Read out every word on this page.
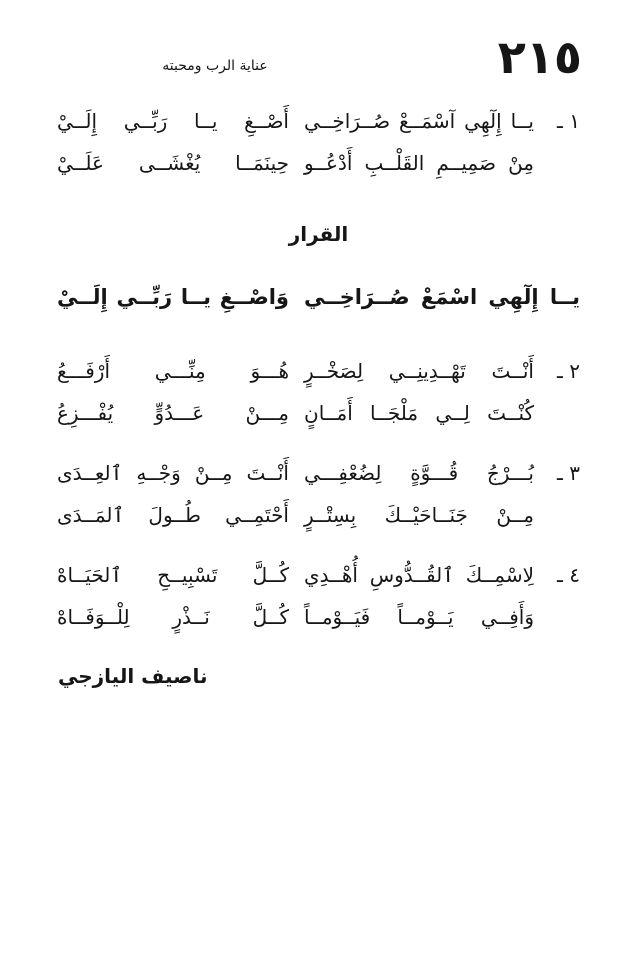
عناية الرب ومحبته	٢١٥
١ ـ
يــا إِلٓهِي آسْمَــعْ صُــرَاخِــي
أَصْــغِ يــا رَبِّــي إِلَــيْ
مِنْ صَمِيــمِ القَلْــبِ أَدْعُــو
حِينَمَــا يُغْشَــى عَلَــيْ
القرار
يــا إِلٓهِي اسْمَعْ صُــرَاخِــي
وَاصْــغِ يــا رَبِّــي إِلَــيْ
٢ ـ
أَنْــتَ تَهْــدِينِــي لِصَخْــرٍ
هُـــوَ مِنِّـــي أَرْفَـــعُ
كُنْــتَ لِــي مَلْجَــا أَمَــانٍ
مِـــنْ عَـــدُوٍّ يُفْـــزِعُ
٣ ـ
بُـــرْجُ قُـــوَّةٍ لِضُعْفِـــي
أَنْــتَ مِــنْ وَجْــهِ ٱلعِــدَى
مِــنْ جَنَــاحَيْــكَ بِسِتْــرٍ
أَحْتَمِــي طُــولَ ٱلمَــدَى
٤ ـ
لِاسْمِــكَ ٱلقُــدُّوسِ أُهْــدِي
كُــلَّ تَسْبِيــحِ ٱلحَيَــاهْ
وَأَفِــي يَــوْمــاً فَيَــوْمــاً
كُــلَّ نَــذْرٍ لِلْــوَفَــاهْ
ناصيف اليازجي
